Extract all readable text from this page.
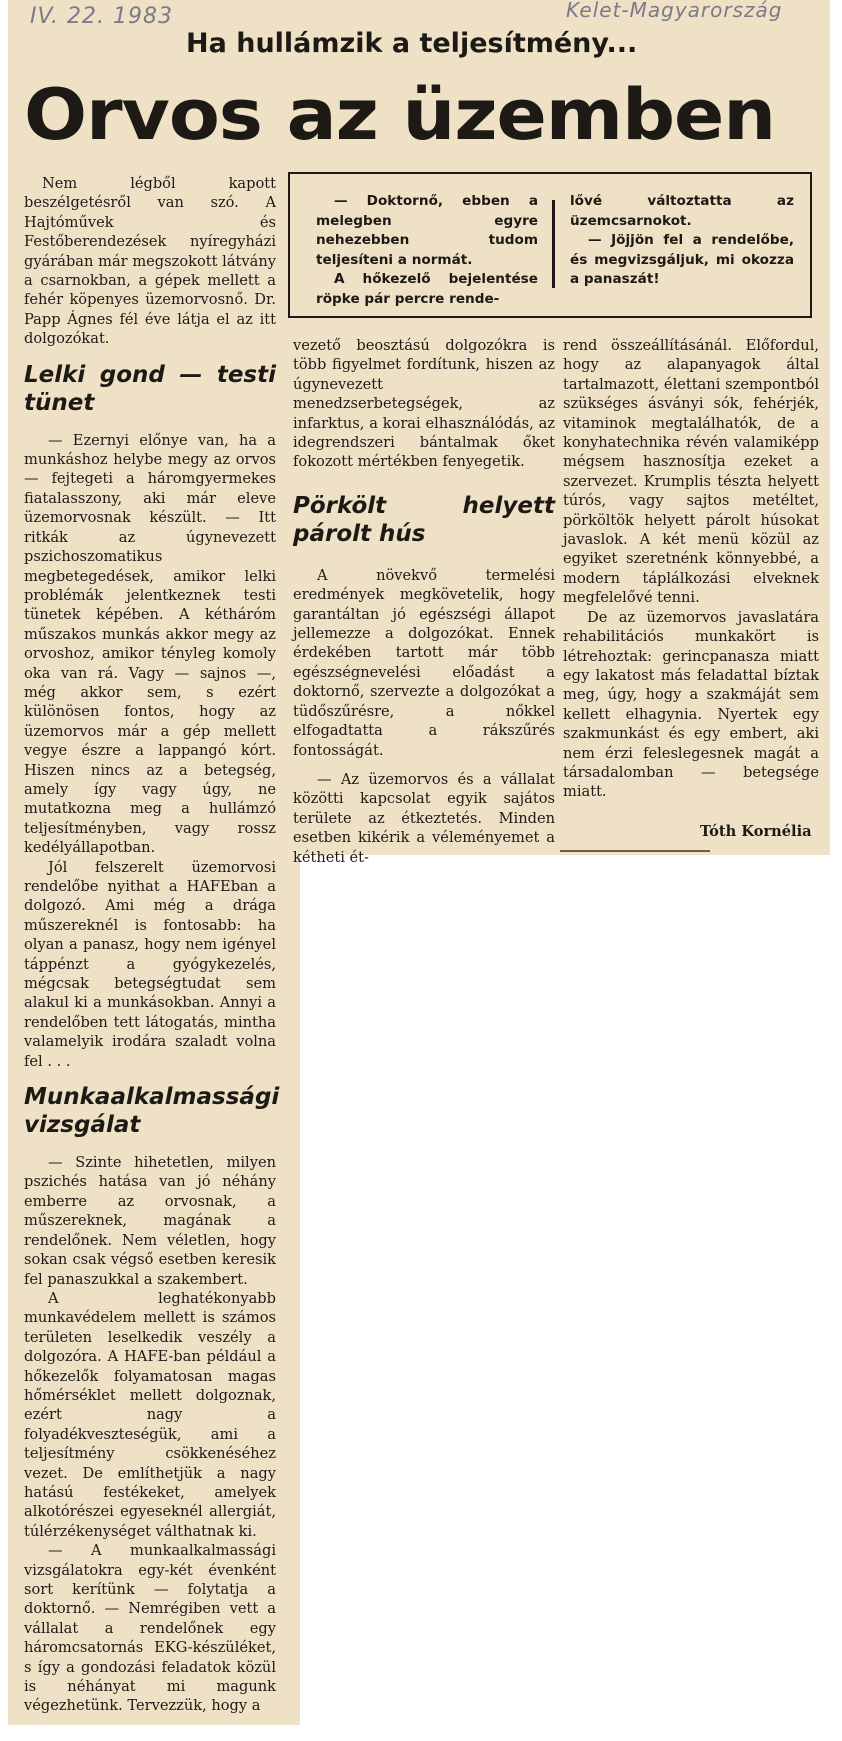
IV. 22. 1983	Kelet-Magyarország
Ha hullámzik a teljesítmény...
Orvos az üzemben

Nem légből kapott beszélgetésről van szó. A Hajtóművek és Festőberendezések nyíregyházi gyárában már megszokott látvány a csarnokban, a gépek mellett a fehér köpenyes üzemorvosnő. Dr. Papp Ágnes fél éve látja el az itt dolgozókat.

Lelki gond — testi tünet

— Ezernyi előnye van, ha a munkáshoz helybe megy az orvos — fejtegeti a háromgyermekes fiatalasszony, aki már eleve üzemorvosnak készült. — Itt ritkák az úgynevezett pszichoszomatikus megbetegedések, amikor lelki problémák jelentkeznek testi tünetek képében. A kétháróm műszakos munkás akkor megy az orvoshoz, amikor tényleg komoly oka van rá. Vagy — sajnos —, még akkor sem, s ezért különösen fontos, hogy az üzemorvos már a gép mellett vegye észre a lappangó kórt. Hiszen nincs az a betegség, amely így vagy úgy, ne mutatkozna meg a hullámzó teljesítményben, vagy rossz kedélyállapotban.

Jól felszerelt üzemorvosi rendelőbe nyithat a HAFEban a dolgozó. Ami még a drága műszereknél is fontosabb: ha olyan a panasz, hogy nem igényel táppénzt a gyógykezelés, mégcsak betegségtudat sem alakul ki a munkásokban. Annyi a rendelőben tett látogatás, mintha valamelyik irodára szaladt volna fel . . .

Munkaalkalmassági vizsgálat

— Szinte hihetetlen, milyen pszichés hatása van jó néhány emberre az orvosnak, a műszereknek, magának a rendelőnek. Nem véletlen, hogy sokan csak végső esetben keresik fel panaszukkal a szakembert.

A leghatékonyabb munkavédelem mellett is számos területen leselkedik veszély a dolgozóra. A HAFE-ban például a hőkezelők folyamatosan magas hőmérséklet mellett dolgoznak, ezért nagy a folyadékveszteségük, ami a teljesítmény csökkenéséhez vezet. De említhetjük a nagy hatású festékeket, amelyek alkotórészei egyeseknél allergiát, túlérzékenységet válthatnak ki.

— A munkaalkalmassági vizsgálatokra egy-két évenként sort kerítünk — folytatja a doktornő. — Nemrégiben vett a vállalat a rendelőnek egy háromcsatornás EKG-készüléket, s így a gondozási feladatok közül is néhányat mi magunk végezhetünk. Tervezzük, hogy a

— Doktornő, ebben a melegben egyre nehezebben tudom teljesíteni a normát.

A hőkezelő bejelentése röpke pár percre rende-

lővé változtatta az üzemcsarnokot.

— Jöjjön fel a rendelőbe, és megvizsgáljuk, mi okozza a panaszát!

vezető beosztású dolgozókra is több figyelmet fordítunk, hiszen az úgynevezett menedzserbetegségek, az infarktus, a korai elhasználódás, az idegrendszeri bántalmak őket fokozott mértékben fenyegetik.

Pörkölt helyett párolt hús

A növekvő termelési eredmények megkövetelik, hogy garantáltan jó egészségi állapot jellemezze a dolgozókat. Ennek érdekében tartott már több egészségnevelési előadást a doktornő, szervezte a dolgozókat a tüdőszűrésre, a nőkkel elfogadtatta a rákszűrés fontosságát.

— Az üzemorvos és a vállalat közötti kapcsolat egyik sajátos területe az étkeztetés. Minden esetben kikérik a véleményemet a kétheti ét-

rend összeállításánál. Előfordul, hogy az alapanyagok által tartalmazott, élettani szempontból szükséges ásványi sók, fehérjék, vitaminok megtalálhatók, de a konyhatechnika révén valamiképp mégsem hasznosítja ezeket a szervezet. Krumplis tészta helyett túrós, vagy sajtos metéltet, pörköltök helyett párolt húsokat javaslok. A két menü közül az egyiket szeretnénk könnyebbé, a modern táplálkozási elveknek megfelelővé tenni.

De az üzemorvos javaslatára rehabilitációs munkakört is létrehoztak: gerincpanasza miatt egy lakatost más feladattal bíztak meg, úgy, hogy a szakmáját sem kellett elhagynia. Nyertek egy szakmunkást és egy embert, aki nem érzi feleslegesnek magát a társadalomban — betegsége miatt.

Tóth Kornélia
